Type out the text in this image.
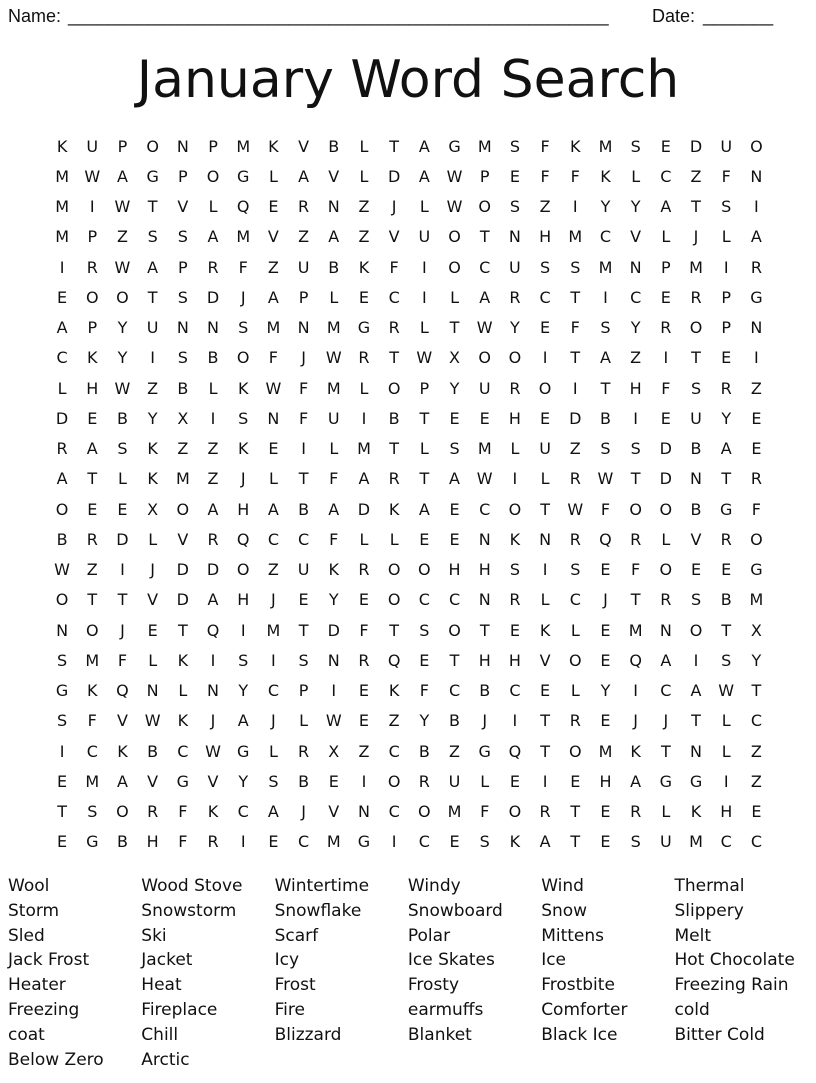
Name: ______________________________________________________ Date: _______
January Word Search
K	U	P	O	N	P	M	K	V	B	L	T	A	G	M	S	F	K	M	S	E	D	U	O
M W	A	G	P	O	G	L	A	V	L	D	A	W	P	E	F	F	K	L	C	Z	F	N
M	I	W	T	V	L	Q	E	R	N	Z	J	L	W O	S	Z	I	Y	Y	A	T	S	I
M	P	Z	S	S	A	M	V	Z	A	Z	V	U	O	T	N	H	M	C	V	L	J	L	A
I	R	W	A	P	R	F	Z	U	B	K	F	I	O	C	U	S	S	M	N	P	M	I	R
E	O	O	T	S	D	J	A	P	L	E	C	I	L	A	R	C	T	I	C	E	R	P	G
A	P	Y	U	N	N	S	M	N	M	G	R	L	T	W	Y	E	F	S	Y	R	O	P	N
C	K	Y	I	S	B	O	F	J	W	R	T	W	X	O	O	I	T	A	Z	I	T	E	I
L	H	W	Z	B	L	K	W	F	M	L	O	P	Y	U	R	O	I	T	H	F	S	R	Z
D	E	B	Y	X	I	S	N	F	U	I	B	T	E	E	H	E	D	B	I	E	U	Y	E
R	A	S	K	Z	Z	K	E	I	L	M	T	L	S	M	L	U	Z	S	S	D	B	A	E
A	T	L	K	M	Z	J	L	T	F	A	R	T	A	W	I	L	R	W	T	D	N	T	R
O	E	E	X	O	A	H	A	B	A	D	K	A	E	C	O	T	W	F	O	O	B	G	F
B	R	D	L	V	R	Q	C	C	F	L	L	E	E	N	K	N	R	Q	R	L	V	R	O
W	Z	I	J	D	D	O	Z	U	K	R	O	O	H	H	S	I	S	E	F	O	E	E	G
O	T	T	V	D	A	H	J	E	Y	E	O	C	C	N	R	L	C	J	T	R	S	B	M
N	O	J	E	T	Q	I	M	T	D	F	T	S	O	T	E	K	L	E	M	N	O	T	X
S	M	F	L	K	I	S	I	S	N	R	Q	E	T	H	H	V	O	E	Q	A	I	S	Y
G	K	Q	N	L	N	Y	C	P	I	E	K	F	C	B	C	E	L	Y	I	C	A	W	T
S	F	V	W	K	J	A	J	L	W	E	Z	Y	B	J	I	T	R	E	J	J	T	L	C
I	C	K	B	C	W	G	L	R	X	Z	C	B	Z	G	Q	T	O	M	K	T	N	L	Z
E	M	A	V	G	V	Y	S	B	E	I	O	R	U	L	E	I	E	H	A	G	G	I	Z
T	S	O	R	F	K	C	A	J	V	N	C	O	M	F	O	R	T	E	R	L	K	H	E
E	G	B	H	F	R	I	E	C	M	G	I	C	E	S	K	A	T	E	S	U	M	C	C
Wool	Wood Stove	Wintertime	Windy	Wind	Thermal
Storm	Snowstorm	Snowflake	Snowboard	Snow	Slippery
Sled	Ski	Scarf	Polar	Mittens	Melt
Jack Frost	Jacket	Icy	Ice Skates	Ice	Hot Chocolate
Heater	Heat	Frost	Frosty	Frostbite	Freezing Rain
Freezing	Fireplace	Fire	earmuffs	Comforter	cold
coat	Chill	Blizzard	Blanket	Black Ice	Bitter Cold
Below Zero	Arctic
